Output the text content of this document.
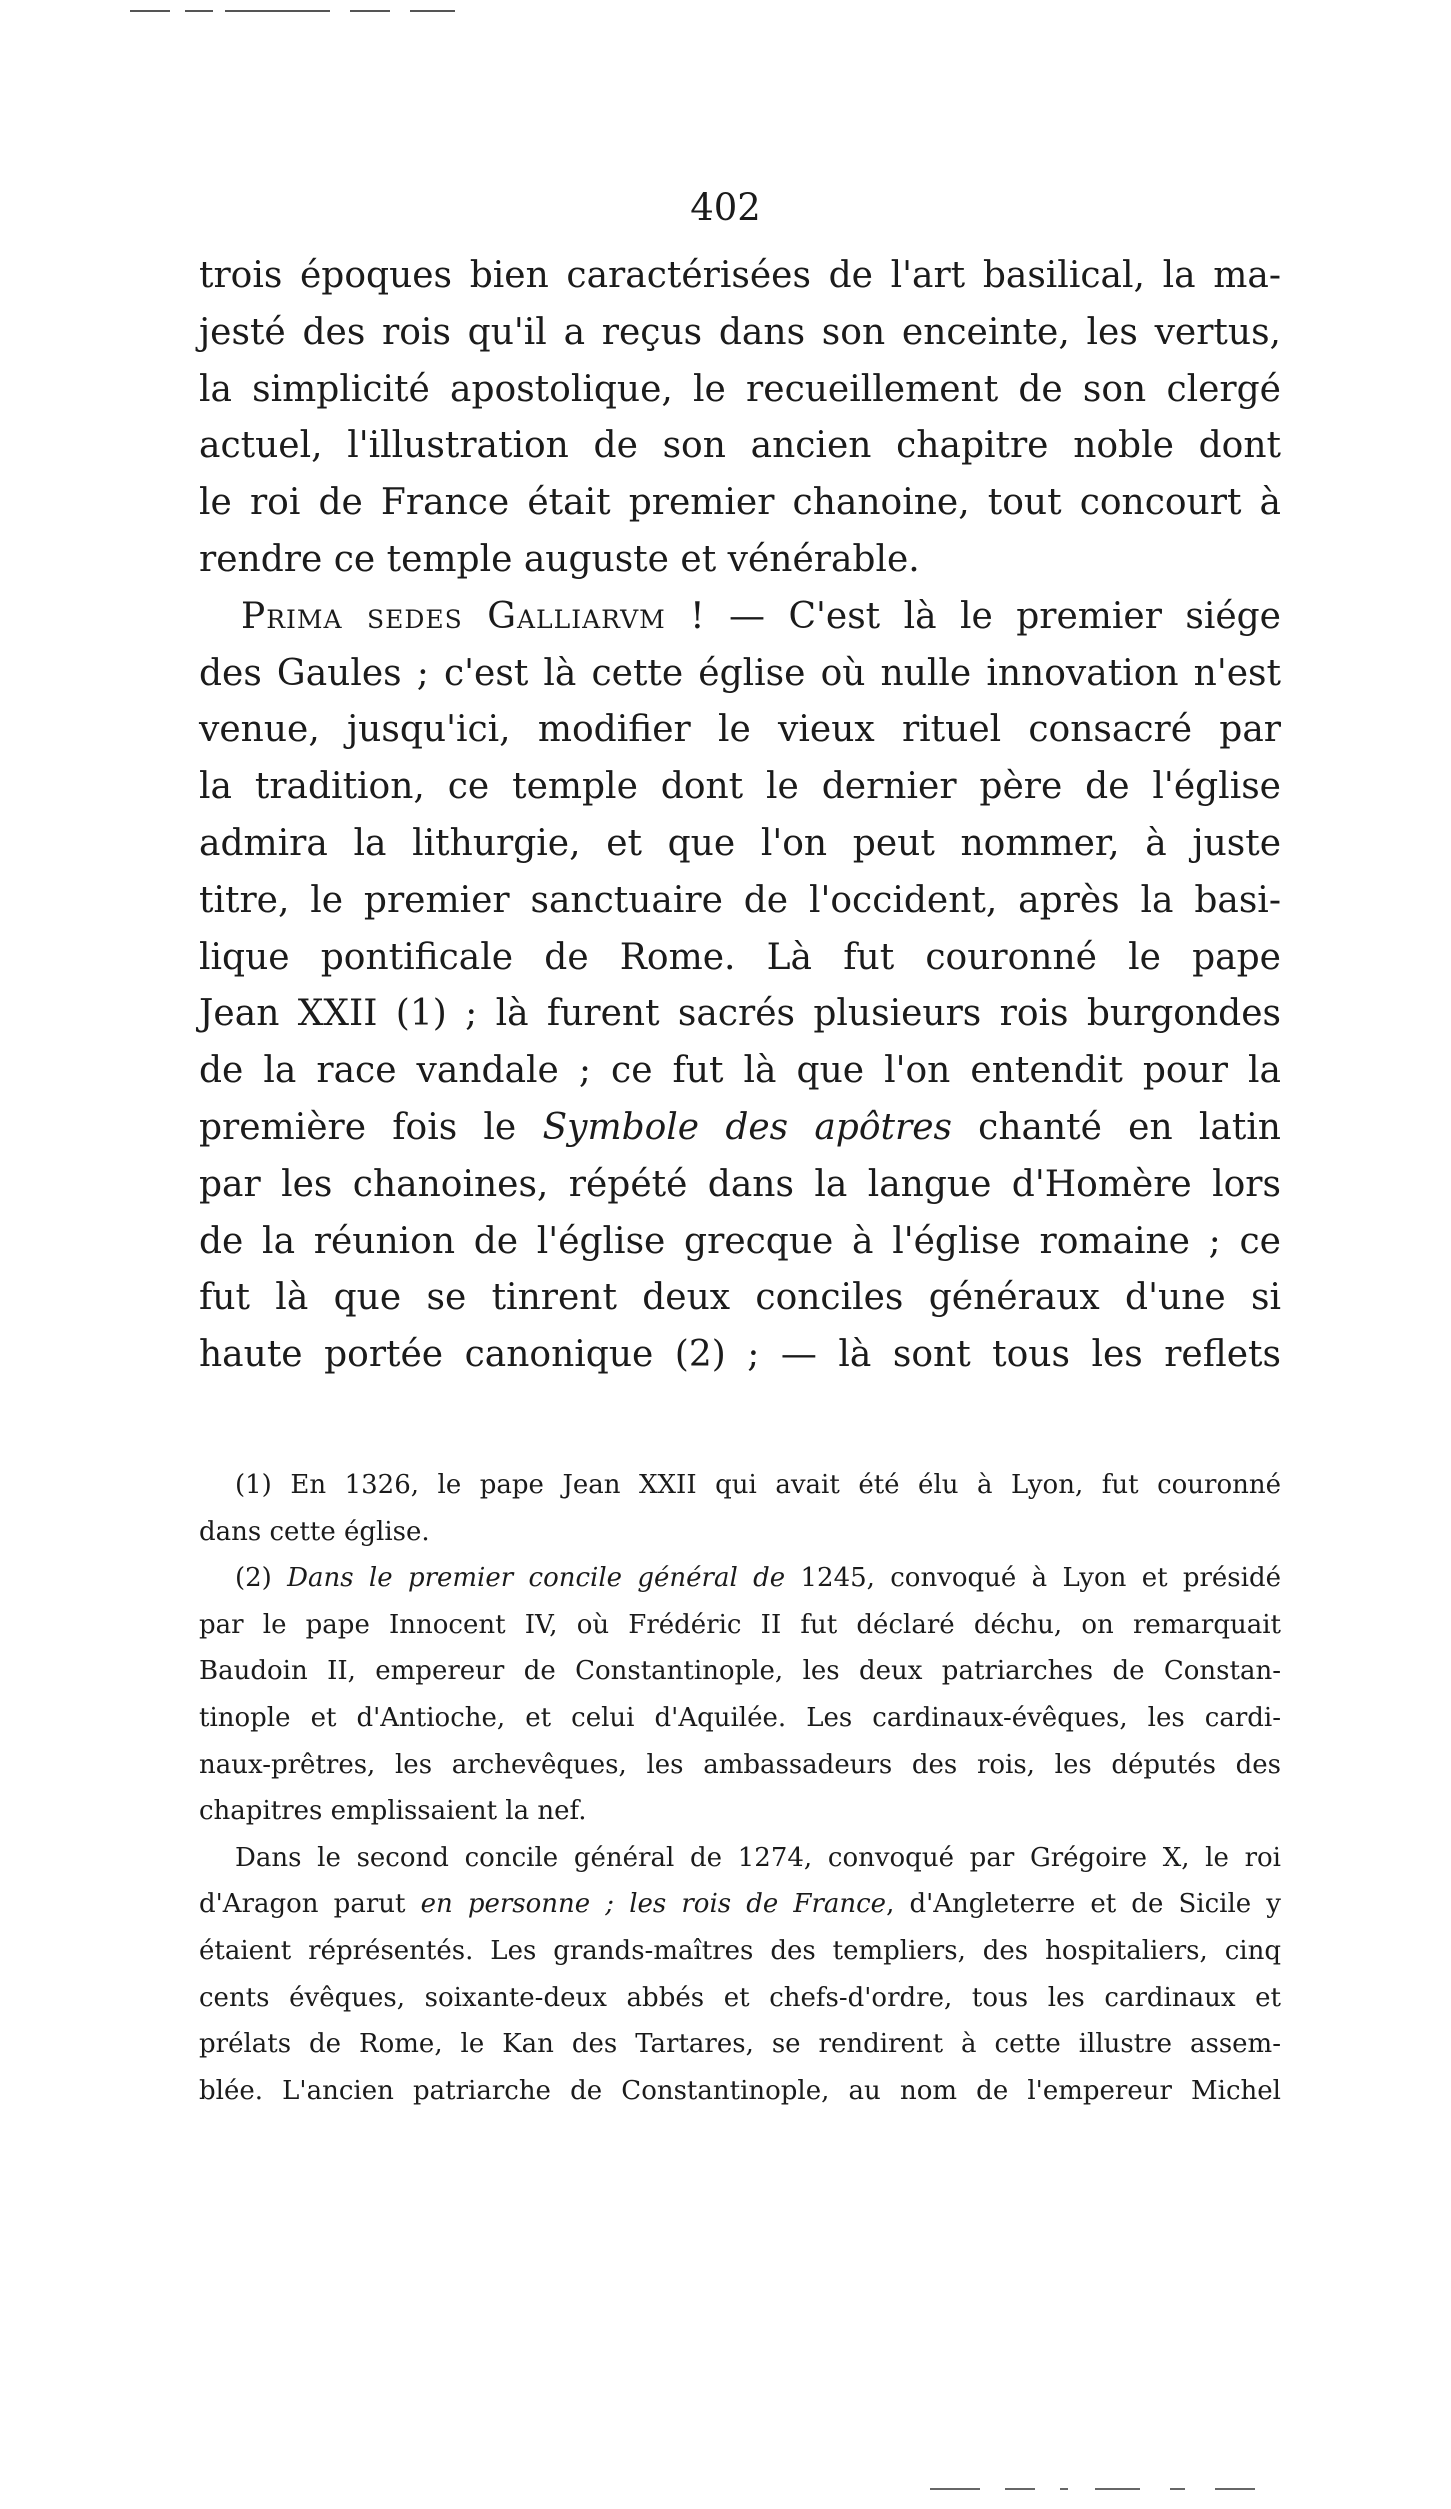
402
trois époques bien caractérisées de l'art basilical, la ma-
jesté des rois qu'il a reçus dans son enceinte, les vertus,
la simplicité apostolique, le recueillement de son clergé
actuel, l'illustration de son ancien chapitre noble dont
le roi de France était premier chanoine, tout concourt à
rendre ce temple auguste et vénérable.
Prima sedes Galliarvm ! — C'est là le premier siége
des Gaules ; c'est là cette église où nulle innovation n'est
venue, jusqu'ici, modifier le vieux rituel consacré par
la tradition, ce temple dont le dernier père de l'église
admira la lithurgie, et que l'on peut nommer, à juste
titre, le premier sanctuaire de l'occident, après la basi-
lique pontificale de Rome. Là fut couronné le pape
Jean XXII (1) ; là furent sacrés plusieurs rois burgondes
de la race vandale ; ce fut là que l'on entendit pour la
première fois le Symbole des apôtres chanté en latin
par les chanoines, répété dans la langue d'Homère lors
de la réunion de l'église grecque à l'église romaine ; ce
fut là que se tinrent deux conciles généraux d'une si
haute portée canonique (2) ; — là sont tous les reflets
(1) En 1326, le pape Jean XXII qui avait été élu à Lyon, fut couronné
dans cette église.
(2) Dans le premier concile général de 1245, convoqué à Lyon et présidé
par le pape Innocent IV, où Frédéric II fut déclaré déchu, on remarquait
Baudoin II, empereur de Constantinople, les deux patriarches de Constan-
tinople et d'Antioche, et celui d'Aquilée. Les cardinaux-évêques, les cardi-
naux-prêtres, les archevêques, les ambassadeurs des rois, les députés des
chapitres emplissaient la nef.
Dans le second concile général de 1274, convoqué par Grégoire X, le roi
d'Aragon parut en personne ; les rois de France, d'Angleterre et de Sicile y
étaient réprésentés. Les grands-maîtres des templiers, des hospitaliers, cinq
cents évêques, soixante-deux abbés et chefs-d'ordre, tous les cardinaux et
prélats de Rome, le Kan des Tartares, se rendirent à cette illustre assem-
blée. L'ancien patriarche de Constantinople, au nom de l'empereur Michel
